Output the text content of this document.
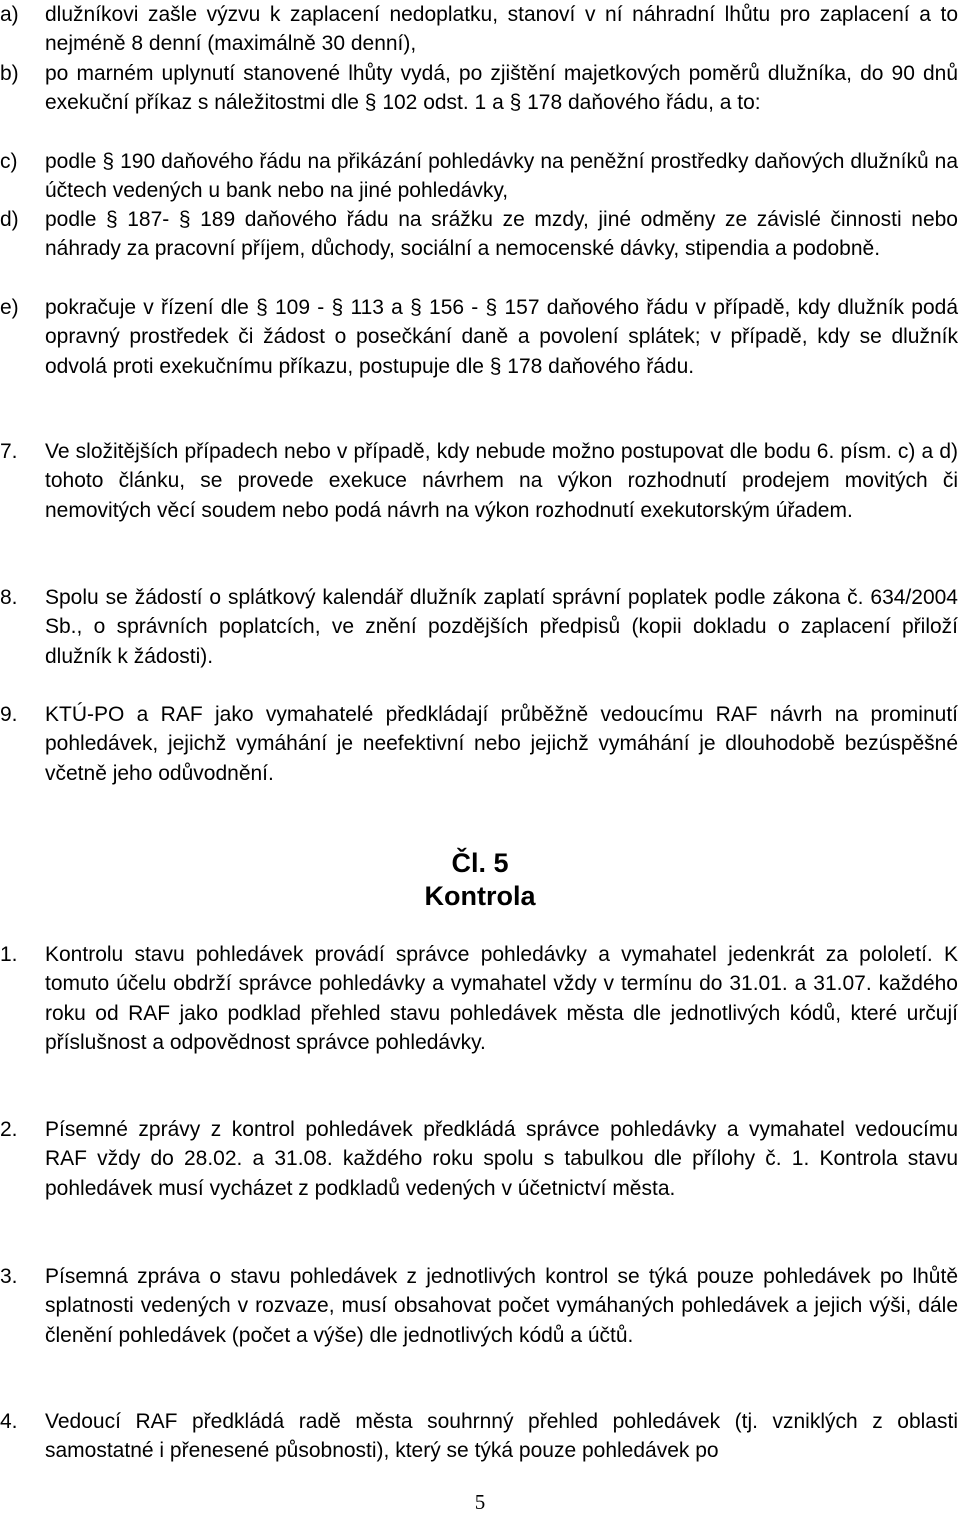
a) dlužníkovi zašle výzvu k zaplacení nedoplatku, stanoví v ní náhradní lhůtu pro zaplacení a to nejméně 8 denní (maximálně 30 denní),
b) po marném uplynutí stanovené lhůty vydá, po zjištění majetkových poměrů dlužníka, do 90 dnů exekuční příkaz s náležitostmi dle § 102 odst. 1 a § 178 daňového řádu, a to:
c) podle § 190 daňového řádu na přikázání pohledávky na peněžní prostředky daňových dlužníků na účtech vedených u bank nebo na jiné pohledávky,
d) podle § 187- § 189 daňového řádu na srážku ze mzdy, jiné odměny ze závislé činnosti nebo náhrady za pracovní příjem, důchody, sociální a nemocenské dávky, stipendia a podobně.
e) pokračuje v řízení dle § 109 - § 113 a § 156 - § 157 daňového řádu v případě, kdy dlužník podá opravný prostředek či žádost o posečkání daně a povolení splátek; v případě, kdy se dlužník odvolá proti exekučnímu příkazu, postupuje dle § 178 daňového řádu.
7. Ve složitějších případech nebo v případě, kdy nebude možno postupovat dle bodu 6. písm. c) a d) tohoto článku, se provede exekuce návrhem na výkon rozhodnutí prodejem movitých či nemovitých věcí soudem nebo podá návrh na výkon rozhodnutí exekutorským úřadem.
8. Spolu se žádostí o splátkový kalendář dlužník zaplatí správní poplatek podle zákona č. 634/2004 Sb., o správních poplatcích, ve znění pozdějších předpisů (kopii dokladu o zaplacení přiloží dlužník k žádosti).
9. KTÚ-PO a RAF jako vymahatelé předkládají průběžně vedoucímu RAF návrh na prominutí pohledávek, jejichž vymáhání je neefektivní nebo jejichž vymáhání je dlouhodobě bezúspěšné včetně jeho odůvodnění.
Čl. 5
Kontrola
1. Kontrolu stavu pohledávek provádí správce pohledávky a vymahatel jedenkrát za pololetí. K tomuto účelu obdrží správce pohledávky a vymahatel vždy v termínu do 31.01. a 31.07. každého roku od RAF jako podklad přehled stavu pohledávek města dle jednotlivých kódů, které určují příslušnost a odpovědnost správce pohledávky.
2. Písemné zprávy z kontrol pohledávek předkládá správce pohledávky a vymahatel vedoucímu RAF vždy do 28.02. a 31.08. každého roku spolu s tabulkou dle přílohy č. 1. Kontrola stavu pohledávek musí vycházet z podkladů vedených v účetnictví města.
3. Písemná zpráva o stavu pohledávek z jednotlivých kontrol se týká pouze pohledávek po lhůtě splatnosti vedených v rozvaze, musí obsahovat počet vymáhaných pohledávek a jejich výši, dále členění pohledávek (počet a výše) dle jednotlivých kódů a účtů.
4. Vedoucí RAF předkládá radě města souhrnný přehled pohledávek (tj. vzniklých z oblasti samostatné i přenesené působnosti), který se týká pouze pohledávek po
5
